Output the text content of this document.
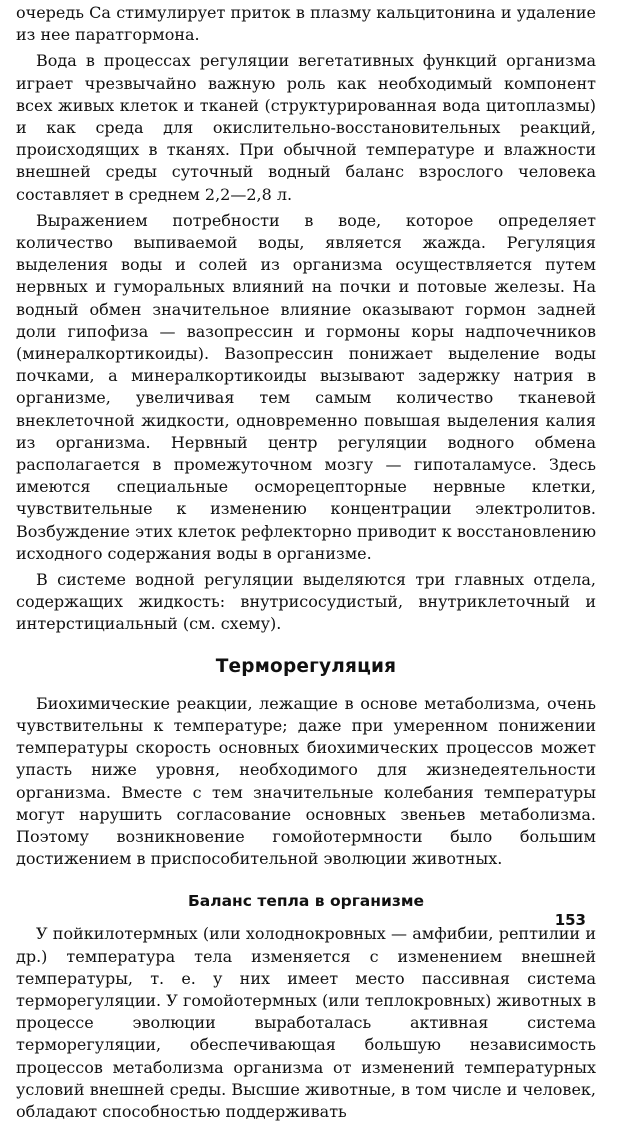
очередь Са стимулирует приток в плазму кальцитонина и удаление из нее паратгормона.

Вода в процессах регуляции вегетативных функций организма играет чрезвычайно важную роль как необходимый компонент всех живых клеток и тканей (структурированная вода цитоплазмы) и как среда для окислительно-восстановительных реакций, происходящих в тканях. При обычной температуре и влажности внешней среды суточный водный баланс взрослого человека составляет в среднем 2,2—2,8 л.

Выражением потребности в воде, которое определяет количество выпиваемой воды, является жажда. Регуляция выделения воды и солей из организма осуществляется путем нервных и гуморальных влияний на почки и потовые железы. На водный обмен значительное влияние оказывают гормон задней доли гипофиза — вазопрессин и гормоны коры надпочечников (минералкортикоиды). Вазопрессин понижает выделение воды почками, а минералкортикоиды вызывают задержку натрия в организме, увеличивая тем самым количество тканевой внеклеточной жидкости, одновременно повышая выделения калия из организма. Нервный центр регуляции водного обмена располагается в промежуточном мозгу — гипоталамусе. Здесь имеются специальные осморецепторные нервные клетки, чувствительные к изменению концентрации электролитов. Возбуждение этих клеток рефлекторно приводит к восстановлению исходного содержания воды в организме.

В системе водной регуляции выделяются три главных отдела, содержащих жидкость: внутрисосудистый, внутриклеточный и интерстициальный (см. схему).

Терморегуляция

Биохимические реакции, лежащие в основе метаболизма, очень чувствительны к температуре; даже при умеренном понижении температуры скорость основных биохимических процессов может упасть ниже уровня, необходимого для жизнедеятельности организма. Вместе с тем значительные колебания температуры могут нарушить согласование основных звеньев метаболизма. Поэтому возникновение гомойотермности было большим достижением в приспособительной эволюции животных.

Баланс тепла в организме

У пойкилотермных (или холоднокровных — амфибии, рептилии и др.) температура тела изменяется с изменением внешней температуры, т. е. у них имеет место пассивная система терморегуляции. У гомойотермных (или теплокровных) животных в процессе эволюции выработалась активная система терморегуляции, обеспечивающая большую независимость процессов метаболизма организма от изменений температурных условий внешней среды. Высшие животные, в том числе и человек, обладают способностью поддерживать

153
